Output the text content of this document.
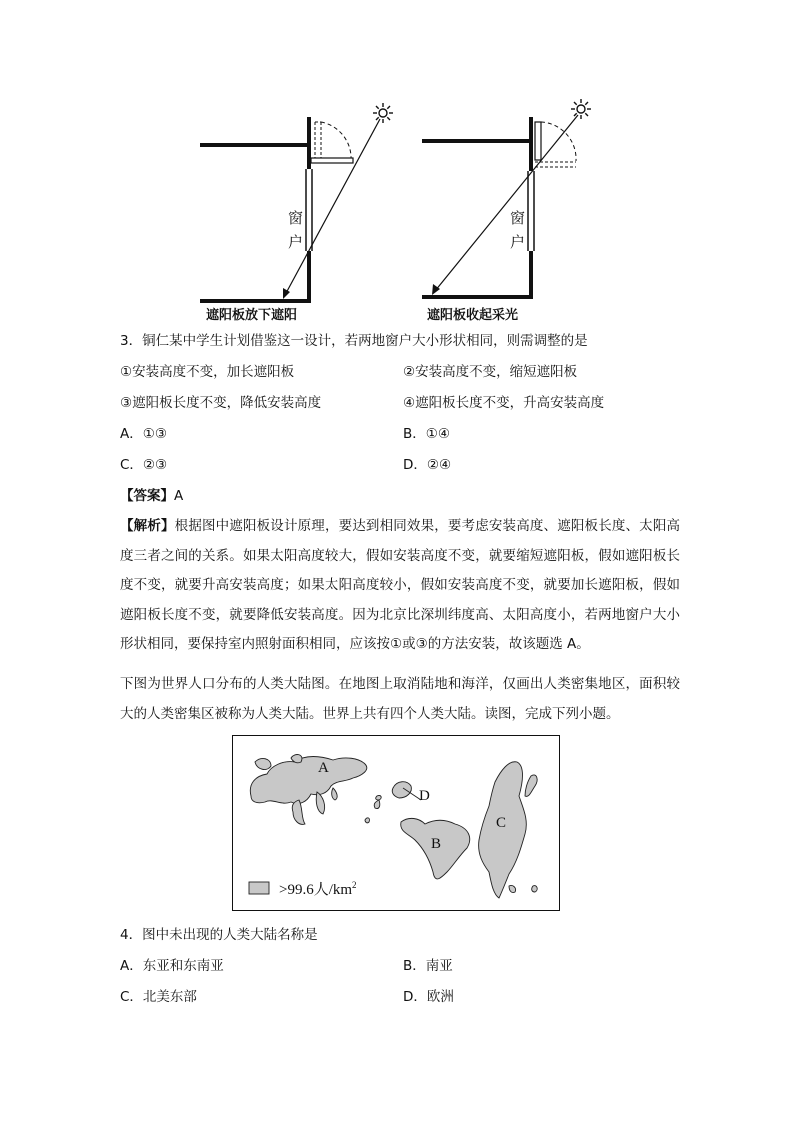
窗
户
窗
户
遮阳板放下遮阳	遮阳板收起采光
3．铜仁某中学生计划借鉴这一设计，若两地窗户大小形状相同，则需调整的是
①安装高度不变，加长遮阳板	②安装高度不变，缩短遮阳板
③遮阳板长度不变，降低安装高度	④遮阳板长度不变，升高安装高度
A．①③	B．①④
C．②③	D．②④
【答案】A
【解析】根据图中遮阳板设计原理，要达到相同效果，要考虑安装高度、遮阳板长度、太阳高度三者之间的关系。如果太阳高度较大，假如安装高度不变，就要缩短遮阳板，假如遮阳板长度不变，就要升高安装高度；如果太阳高度较小，假如安装高度不变，就要加长遮阳板，假如遮阳板长度不变，就要降低安装高度。因为北京比深圳纬度高、太阳高度小，若两地窗户大小形状相同，要保持室内照射面积相同，应该按①或③的方法安装，故该题选 A。
下图为世界人口分布的人类大陆图。在地图上取消陆地和海洋，仅画出人类密集地区，面积较大的人类密集区被称为人类大陆。世界上共有四个人类大陆。读图，完成下列小题。
A
D
B
C
>99.6人$/km^2$
4．图中未出现的人类大陆名称是
A．东亚和东南亚	B．南亚
C．北美东部	D．欧洲
